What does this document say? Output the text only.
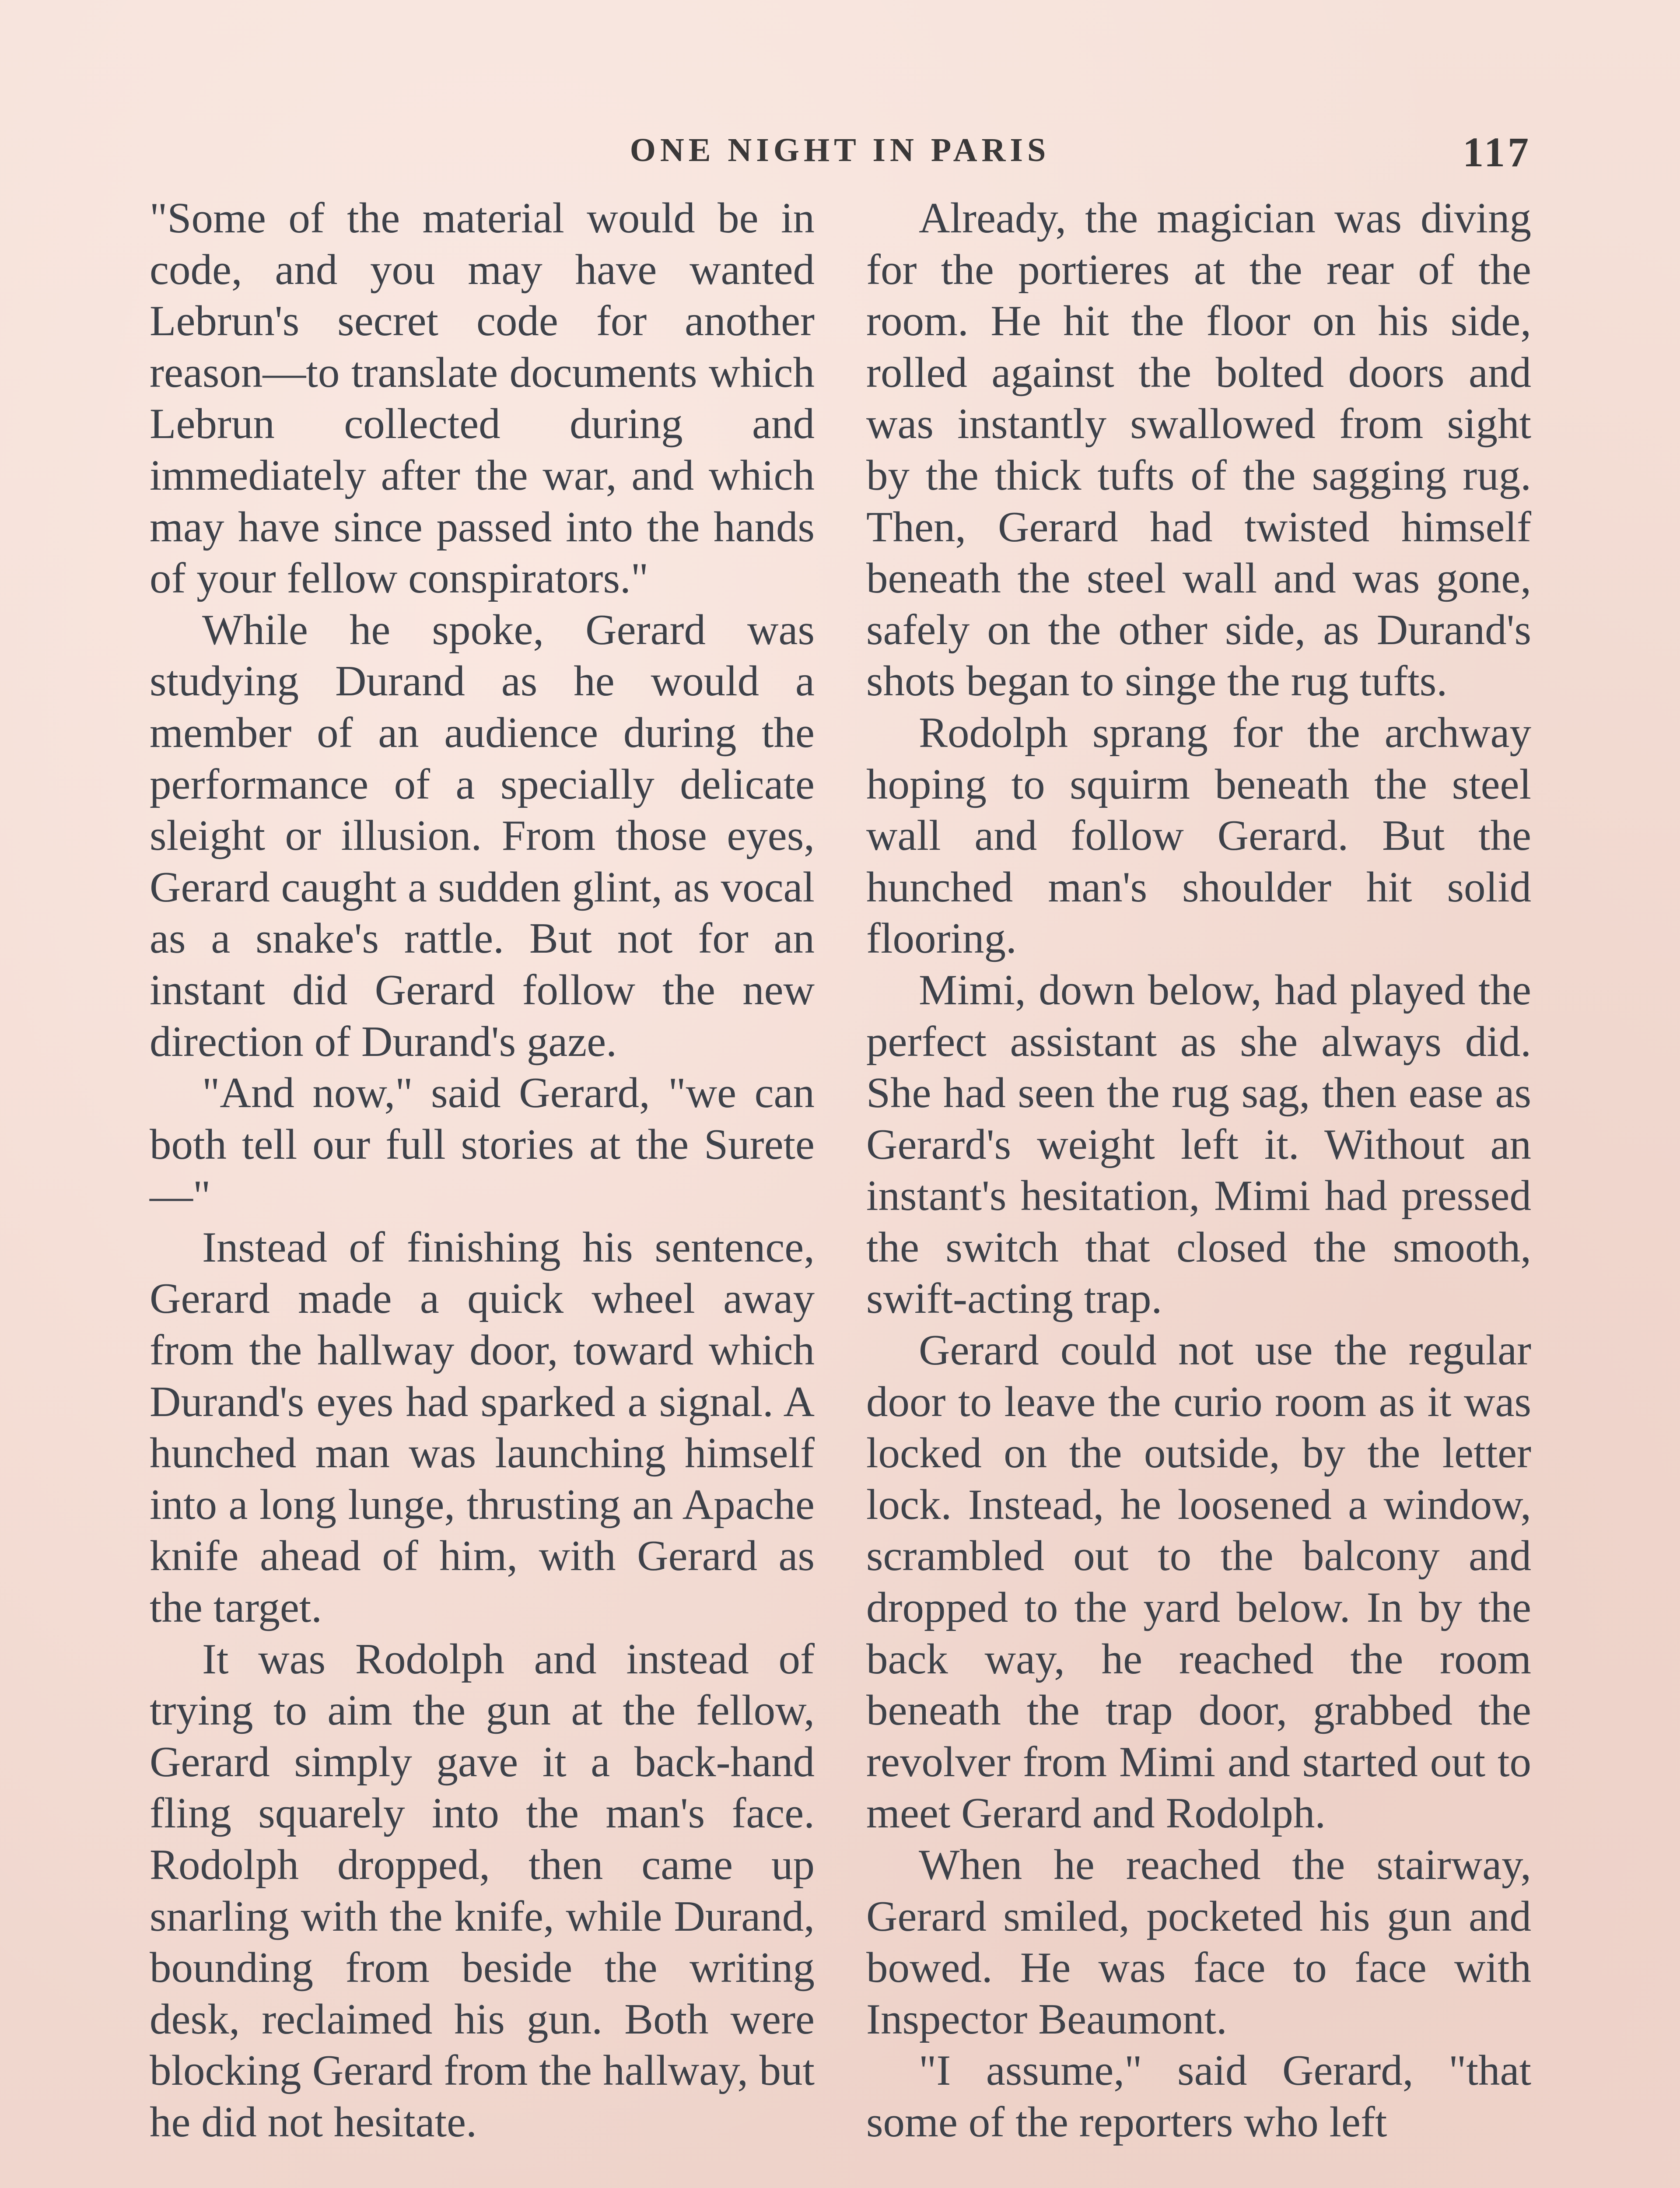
ONE NIGHT IN PARIS	117

"Some of the material would be in code, and you may have wanted Lebrun's secret code for another reason—to translate documents which Lebrun collected during and immediately after the war, and which may have since passed into the hands of your fellow conspirators."

While he spoke, Gerard was studying Durand as he would a member of an audience during the performance of a specially delicate sleight or illusion. From those eyes, Gerard caught a sudden glint, as vocal as a snake's rattle. But not for an instant did Gerard follow the new direction of Durand's gaze.

"And now," said Gerard, "we can both tell our full stories at the Surete—"

Instead of finishing his sentence, Gerard made a quick wheel away from the hallway door, toward which Durand's eyes had sparked a signal. A hunched man was launching himself into a long lunge, thrusting an Apache knife ahead of him, with Gerard as the target.

It was Rodolph and instead of trying to aim the gun at the fellow, Gerard simply gave it a back-hand fling squarely into the man's face. Rodolph dropped, then came up snarling with the knife, while Durand, bounding from beside the writing desk, reclaimed his gun. Both were blocking Gerard from the hallway, but he did not hesitate.

Already, the magician was diving for the portieres at the rear of the room. He hit the floor on his side, rolled against the bolted doors and was instantly swallowed from sight by the thick tufts of the sagging rug. Then, Gerard had twisted himself beneath the steel wall and was gone, safely on the other side, as Durand's shots began to singe the rug tufts.

Rodolph sprang for the archway hoping to squirm beneath the steel wall and follow Gerard. But the hunched man's shoulder hit solid flooring.

Mimi, down below, had played the perfect assistant as she always did. She had seen the rug sag, then ease as Gerard's weight left it. Without an instant's hesitation, Mimi had pressed the switch that closed the smooth, swift-acting trap.

Gerard could not use the regular door to leave the curio room as it was locked on the outside, by the letter lock. Instead, he loosened a window, scrambled out to the balcony and dropped to the yard below. In by the back way, he reached the room beneath the trap door, grabbed the revolver from Mimi and started out to meet Gerard and Rodolph.

When he reached the stairway, Gerard smiled, pocketed his gun and bowed. He was face to face with Inspector Beaumont.

"I assume," said Gerard, "that some of the reporters who left
